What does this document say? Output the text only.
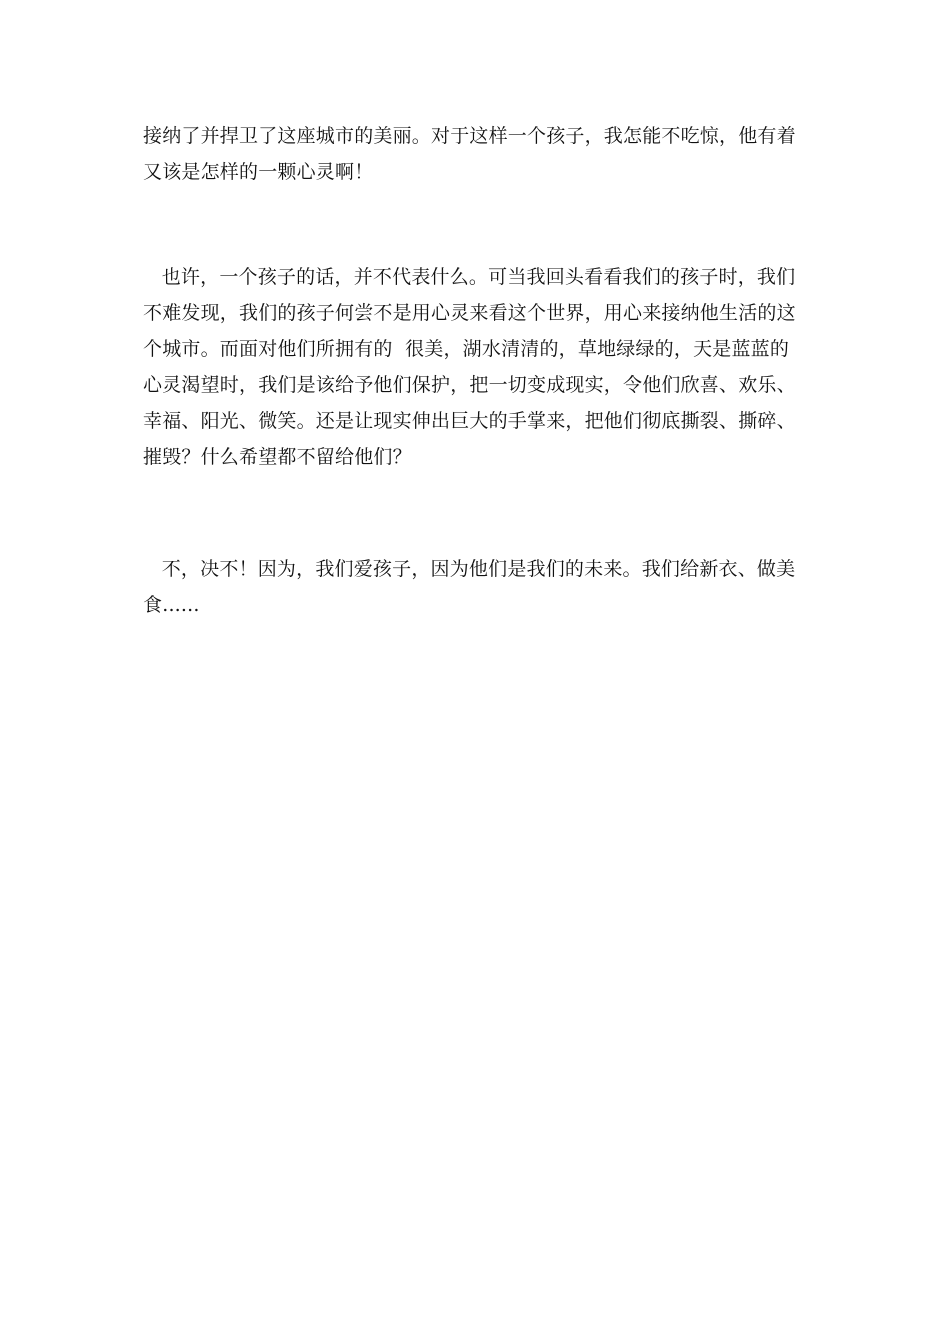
接纳了并捍卫了这座城市的美丽。对于这样一个孩子，我怎能不吃惊，他有着
又该是怎样的一颗心灵啊！
也许，一个孩子的话，并不代表什么。可当我回头看看我们的孩子时，我们
不难发现，我们的孩子何尝不是用心灵来看这个世界，用心来接纳他生活的这
个城市。而面对他们所拥有的  很美，湖水清清的，草地绿绿的，天是蓝蓝的
心灵渴望时，我们是该给予他们保护，把一切变成现实，令他们欣喜、欢乐、
幸福、阳光、微笑。还是让现实伸出巨大的手掌来，把他们彻底撕裂、撕碎、
摧毁？什么希望都不留给他们？
不，决不！因为，我们爱孩子，因为他们是我们的未来。我们给新衣、做美
食......
